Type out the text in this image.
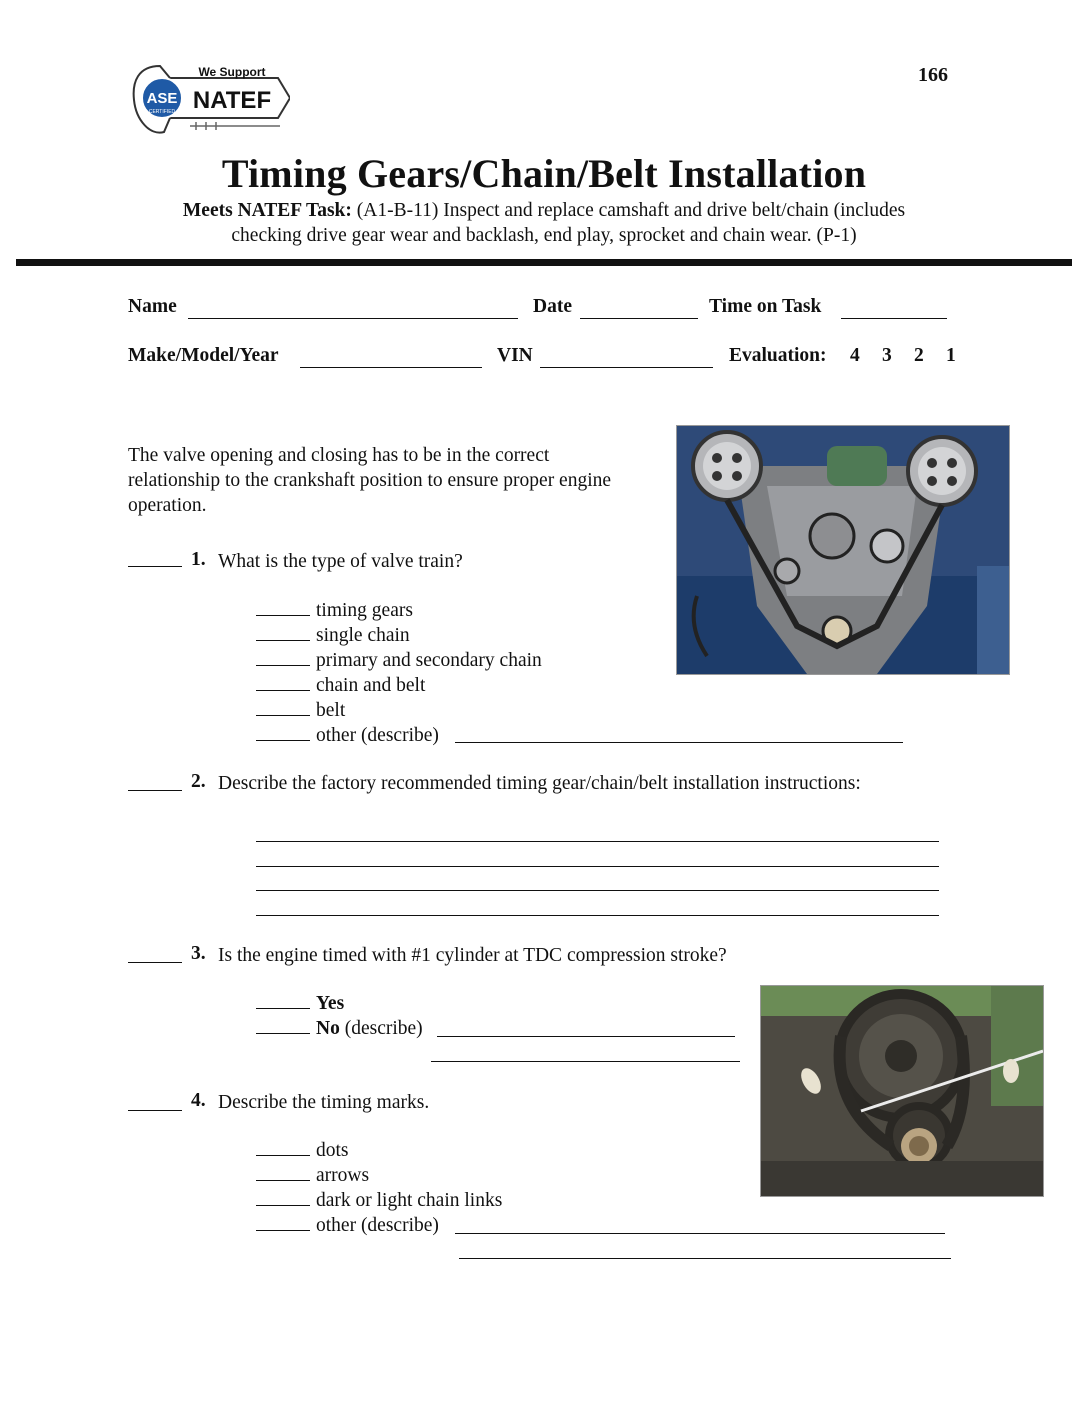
166
ASE
CERTIFIED
We Support
NATEF
Timing Gears/Chain/Belt Installation
Meets NATEF Task: (A1-B-11) Inspect and replace camshaft and drive belt/chain (includes
checking drive gear wear and backlash, end play, sprocket and chain wear. (P-1)
Name	Date	Time on Task
Make/Model/Year	VIN	Evaluation: 4 3 2 1
The valve opening and closing has to be in the correct
relationship to the crankshaft position to ensure proper engine
operation.
1. What is the type of valve train?
timing gears
single chain
primary and secondary chain
chain and belt
belt
other (describe)
2. Describe the factory recommended timing gear/chain/belt installation instructions:
3. Is the engine timed with #1 cylinder at TDC compression stroke?
Yes
No (describe)
4. Describe the timing marks.
dots
arrows
dark or light chain links
other (describe)
